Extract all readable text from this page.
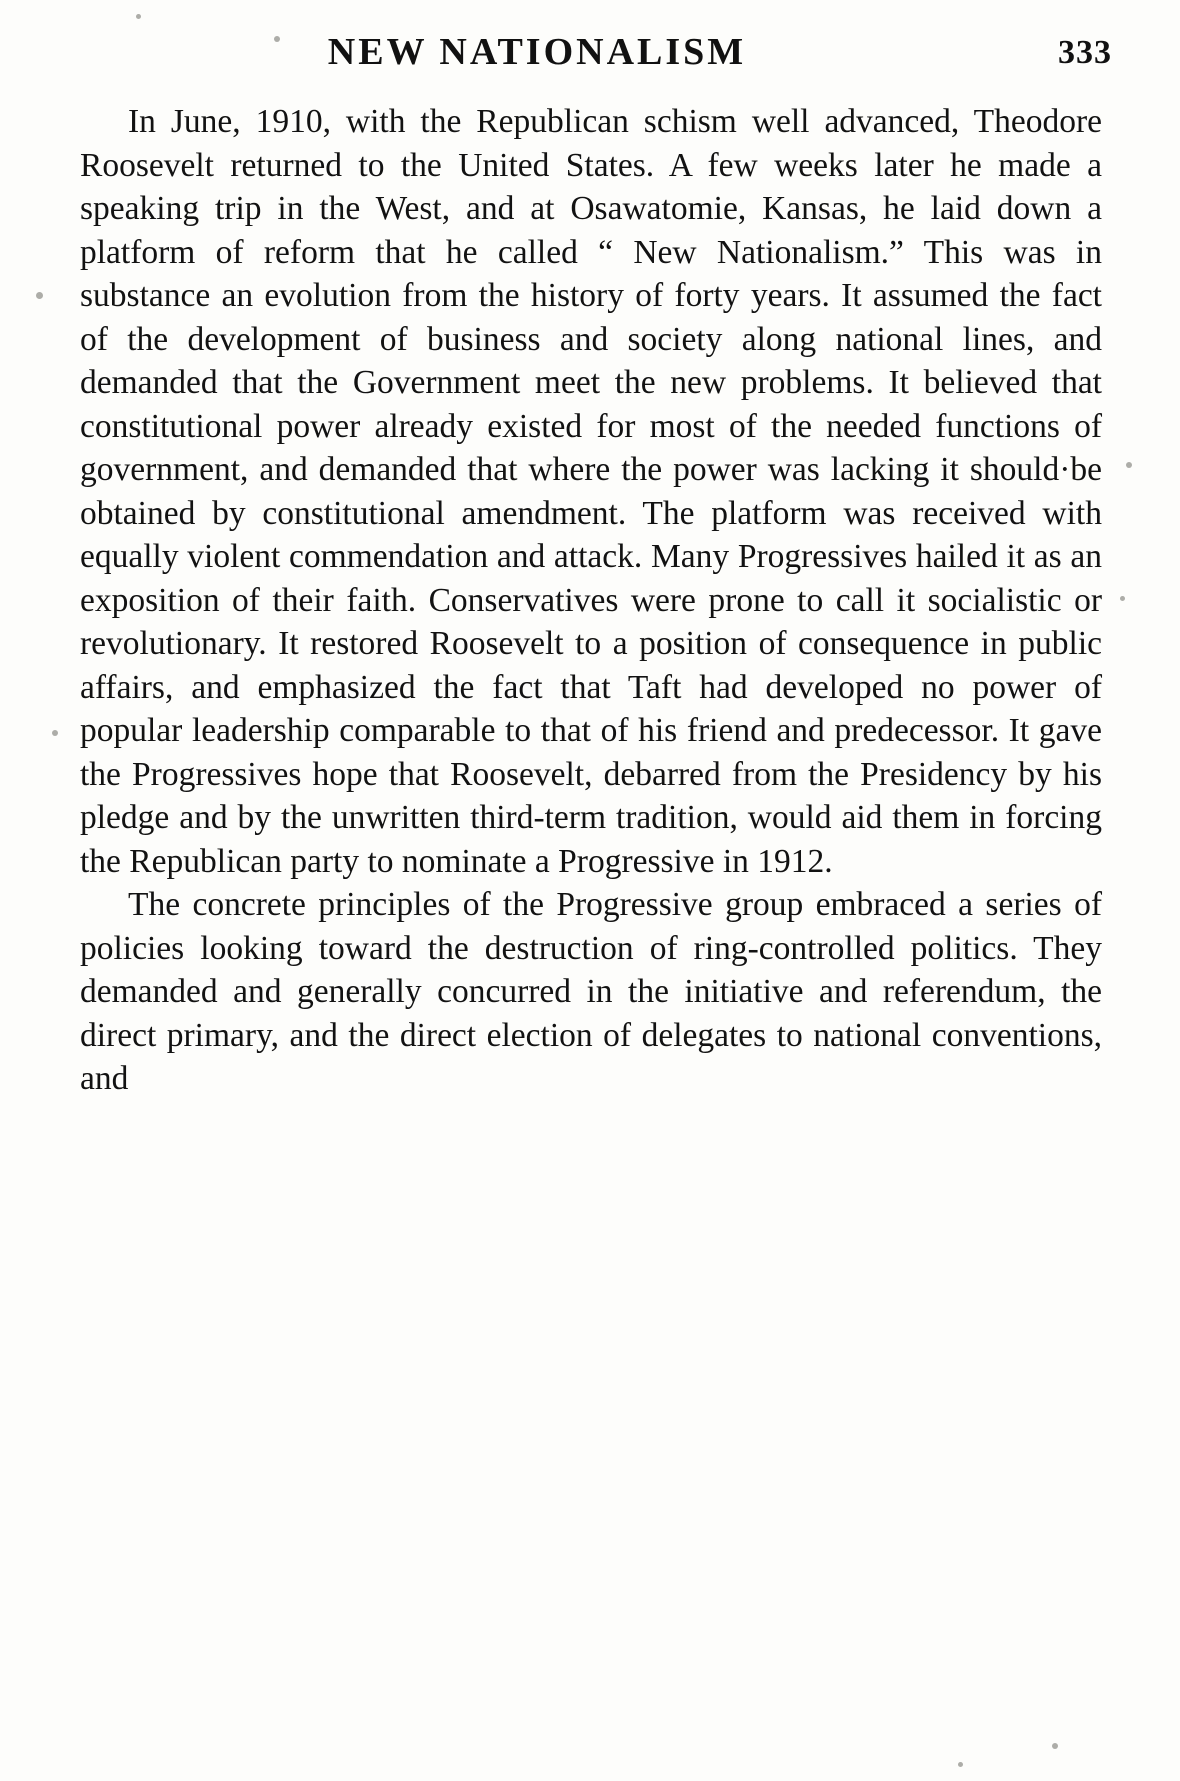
NEW NATIONALISM	333

In June, 1910, with the Republican schism well advanced, Theodore Roosevelt returned to the United States. A few weeks later he made a speaking trip in the West, and at Osawatomie, Kansas, he laid down a platform of reform that he called “ New Nationalism.” This was in substance an evolution from the history of forty years. It assumed the fact of the development of business and society along national lines, and demanded that the Government meet the new problems. It believed that constitutional power already existed for most of the needed functions of government, and demanded that where the power was lacking it should·be obtained by constitutional amendment. The platform was received with equally violent commendation and attack. Many Progressives hailed it as an exposition of their faith. Conservatives were prone to call it socialistic or revolutionary. It restored Roosevelt to a position of consequence in public affairs, and emphasized the fact that Taft had developed no power of popular leadership comparable to that of his friend and predecessor. It gave the Progressives hope that Roosevelt, debarred from the Presidency by his pledge and by the unwritten third-term tradition, would aid them in forcing the Republican party to nominate a Progressive in 1912.

The concrete principles of the Progressive group embraced a series of policies looking toward the destruction of ring-controlled politics. They demanded and generally concurred in the initiative and referendum, the direct primary, and the direct election of delegates to national conventions, and
